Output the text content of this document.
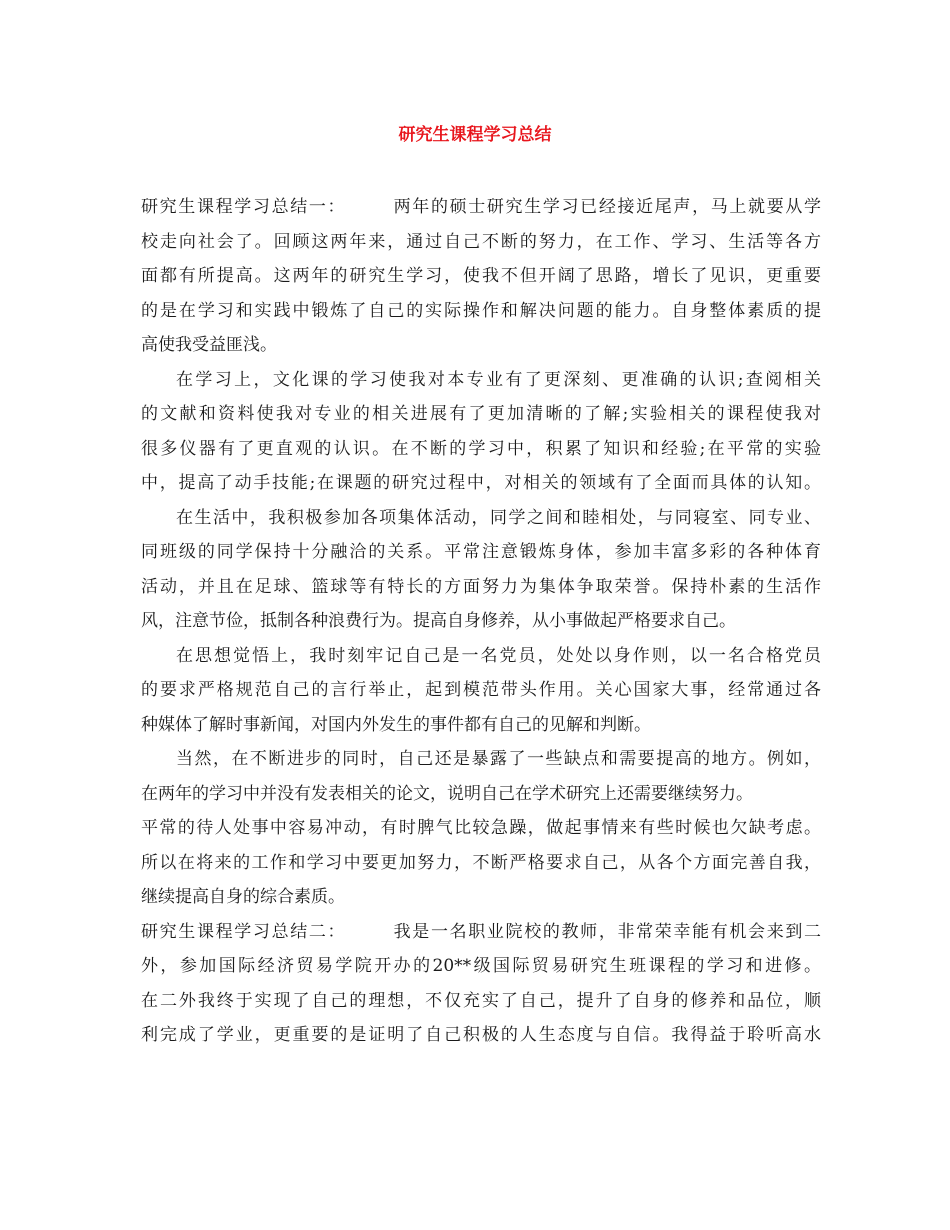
研究生课程学习总结
研究生课程学习总结一：　　　两年的硕士研究生学习已经接近尾声，马上就要从学
校走向社会了。回顾这两年来，通过自己不断的努力，在工作、学习、生活等各方
面都有所提高。这两年的研究生学习，使我不但开阔了思路，增长了见识，更重要
的是在学习和实践中锻炼了自己的实际操作和解决问题的能力。自身整体素质的提
高使我受益匪浅。
在学习上，文化课的学习使我对本专业有了更深刻、更准确的认识;查阅相关
的文献和资料使我对专业的相关进展有了更加清晰的了解;实验相关的课程使我对
很多仪器有了更直观的认识。在不断的学习中，积累了知识和经验;在平常的实验
中，提高了动手技能;在课题的研究过程中，对相关的领域有了全面而具体的认知。
在生活中，我积极参加各项集体活动，同学之间和睦相处，与同寝室、同专业、
同班级的同学保持十分融洽的关系。平常注意锻炼身体，参加丰富多彩的各种体育
活动，并且在足球、篮球等有特长的方面努力为集体争取荣誉。保持朴素的生活作
风，注意节俭，抵制各种浪费行为。提高自身修养，从小事做起严格要求自己。
在思想觉悟上，我时刻牢记自己是一名党员，处处以身作则，以一名合格党员
的要求严格规范自己的言行举止，起到模范带头作用。关心国家大事，经常通过各
种媒体了解时事新闻，对国内外发生的事件都有自己的见解和判断。
当然，在不断进步的同时，自己还是暴露了一些缺点和需要提高的地方。例如，
在两年的学习中并没有发表相关的论文，说明自己在学术研究上还需要继续努力。
平常的待人处事中容易冲动，有时脾气比较急躁，做起事情来有些时候也欠缺考虑。
所以在将来的工作和学习中要更加努力，不断严格要求自己，从各个方面完善自我，
继续提高自身的综合素质。
研究生课程学习总结二：　　　我是一名职业院校的教师，非常荣幸能有机会来到二
外，参加国际经济贸易学院开办的20**级国际贸易研究生班课程的学习和进修。
在二外我终于实现了自己的理想，不仅充实了自己，提升了自身的修养和品位，顺
利完成了学业，更重要的是证明了自己积极的人生态度与自信。我得益于聆听高水
